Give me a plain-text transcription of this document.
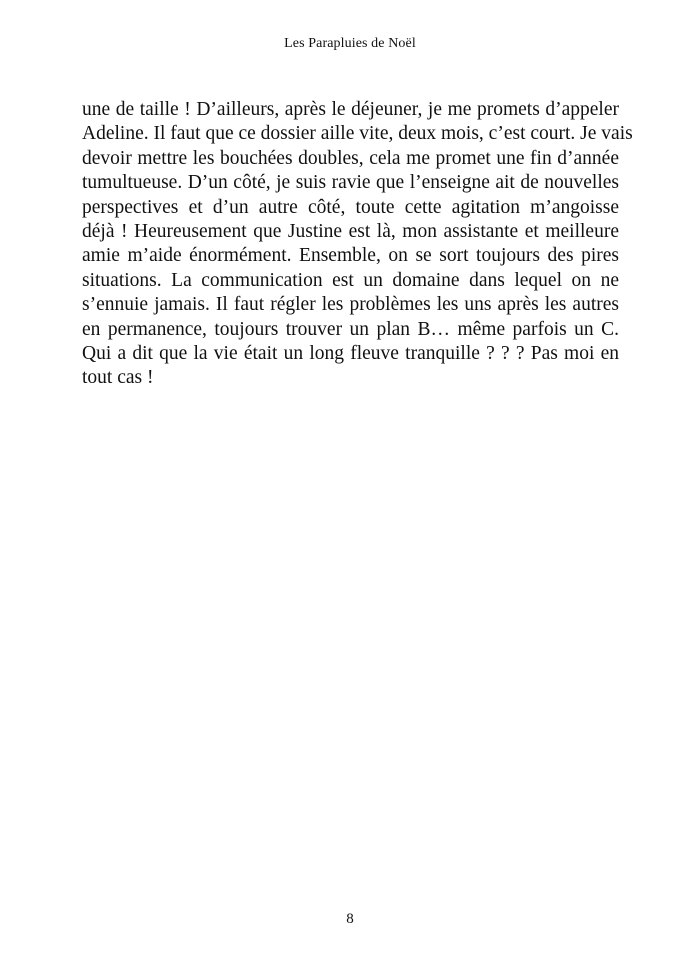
Les Parapluies de Noël
une de taille ! D’ailleurs, après le déjeuner, je me promets d’appeler
Adeline. Il faut que ce dossier aille vite, deux mois, c’est court. Je vais
devoir mettre les bouchées doubles, cela me promet une fin d’année
tumultueuse. D’un côté, je suis ravie que l’enseigne ait de nouvelles
perspectives et d’un autre côté, toute cette agitation m’angoisse
déjà ! Heureusement que Justine est là, mon assistante et meilleure
amie m’aide énormément. Ensemble, on se sort toujours des pires
situations. La communication est un domaine dans lequel on ne
s’ennuie jamais. Il faut régler les problèmes les uns après les autres
en permanence, toujours trouver un plan B… même parfois un C.
Qui a dit que la vie était un long fleuve tranquille ? ? ? Pas moi en
tout cas !
8
